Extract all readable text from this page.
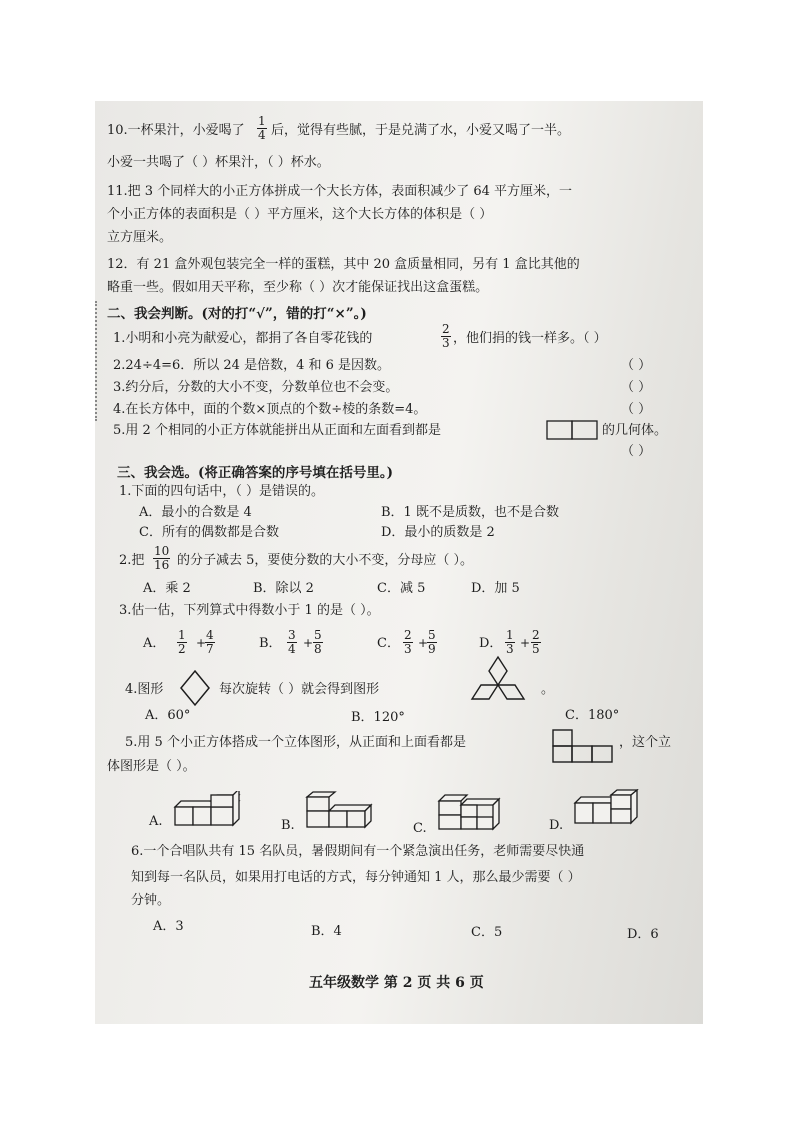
10.一杯果汁，小爱喝了 $\frac{1}{4}$ 后，觉得有些腻，于是兑满了水，小爱又喝了一半。
小爱一共喝了（ ）杯果汁，（ ）杯水。
11.把 3 个同样大的小正方体拼成一个大长方体，表面积减少了 64 平方厘米，一
个小正方体的表面积是（ ）平方厘米，这个大长方体的体积是（ ）
立方厘米。
12．有 21 盒外观包装完全一样的蛋糕，其中 20 盒质量相同，另有 1 盒比其他的
略重一些。假如用天平称，至少称（ ）次才能保证找出这盒蛋糕。
二、我会判断。(对的打“√”，错的打“×”。)
1.小明和小亮为献爱心，都捐了各自零花钱的	$\frac{2}{3}$ ，他们捐的钱一样多。（ ）
2.24÷4=6．所以 24 是倍数，4 和 6 是因数。	（ ）
3.约分后，分数的大小不变，分数单位也不会变。	（ ）
4.在长方体中，面的个数×顶点的个数÷棱的条数=4。	（ ）
5.用 2 个相同的小正方体就能拼出从正面和左面看到都是	的几何体。
（ ）
三、我会选。(将正确答案的序号填在括号里。)
1.下面的四句话中，（ ）是错误的。
A．最小的合数是 4	B．1 既不是质数，也不是合数
C．所有的偶数都是合数	D．最小的质数是 2
2.把 $\frac{10}{16}$ 的分子减去 5，要使分数的大小不变，分母应（ ）。
A．乘 2	B．除以 2	C．减 5	D．加 5
3.估一估，下列算式中得数小于 1 的是（ ）。
A． $\frac{1}{2}$ +
$\frac{4}{7}$	B． $\frac{3}{4} + \frac{5}{8}$	C． $\frac{2}{3}$ +
$\frac{5}{9}$	D． $\frac{1}{3} + \frac{2}{5}$
4.图形	每次旋转（ ）就会得到图形	。
A．60°	B．120°	C．180°
5.用 5 个小正方体搭成一个立体图形，从正面和上面看都是	，这个立
体图形是（ ）。
A.	B.	C.	D.
6.一个合唱队共有 15 名队员，暑假期间有一个紧急演出任务，老师需要尽快通
知到每一名队员，如果用打电话的方式，每分钟通知 1 人，那么最少需要（ ）
分钟。
A．3	B．4	C．5	D．6
五年级数学 第 2 页 共 6 页
